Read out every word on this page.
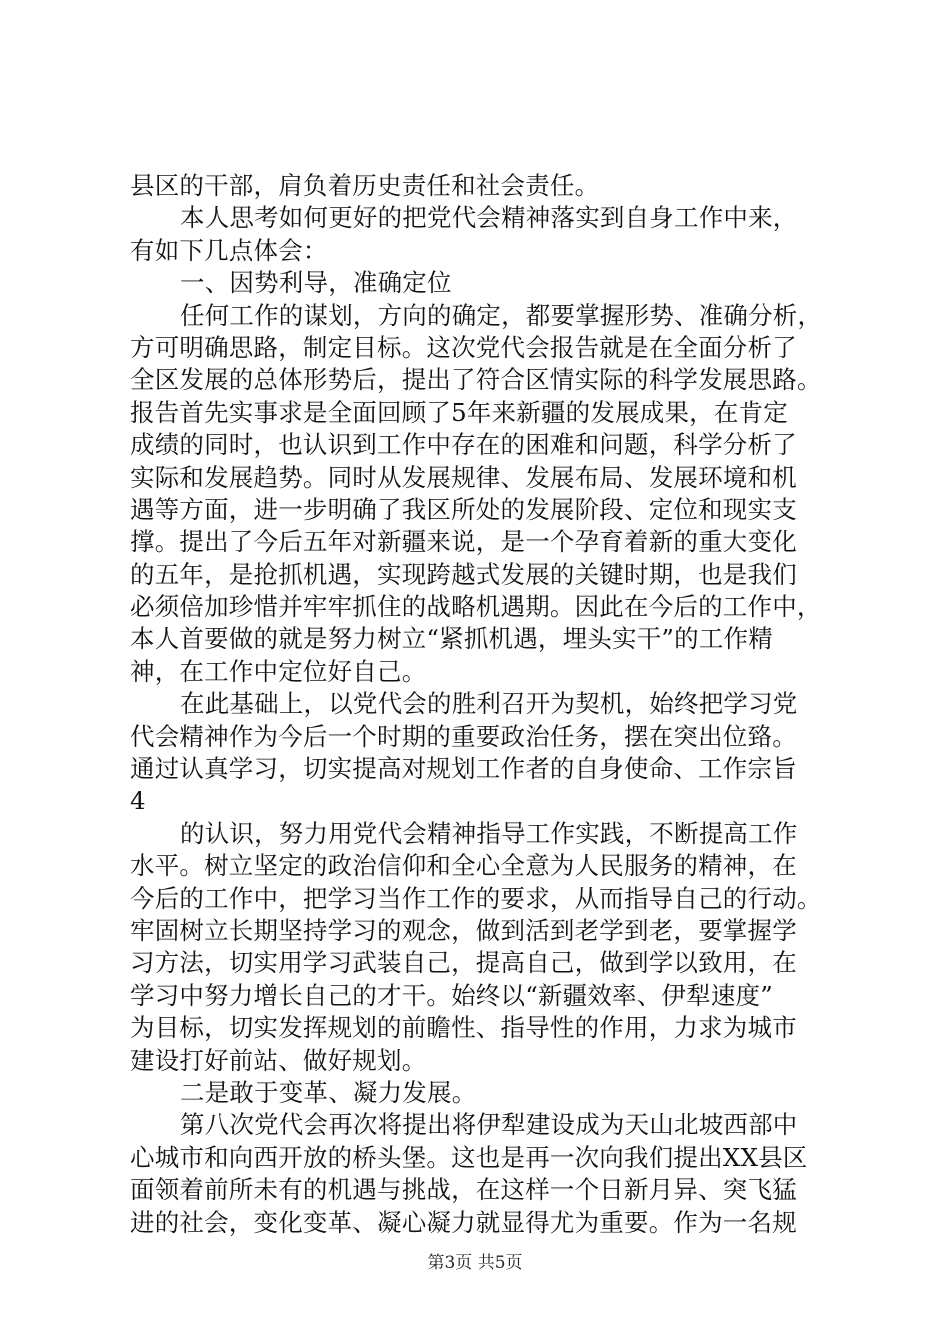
县区的干部，肩负着历史责任和社会责任。
本人思考如何更好的把党代会精神落实到自身工作中来，
有如下几点体会：
一、因势利导，准确定位
任何工作的谋划，方向的确定，都要掌握形势、准确分析，
方可明确思路，制定目标。这次党代会报告就是在全面分析了
全区发展的总体形势后，提出了符合区情实际的科学发展思路。
报告首先实事求是全面回顾了5年来新疆的发展成果，在肯定
成绩的同时，也认识到工作中存在的困难和问题，科学分析了
实际和发展趋势。同时从发展规律、发展布局、发展环境和机
遇等方面，进一步明确了我区所处的发展阶段、定位和现实支
撑。提出了今后五年对新疆来说，是一个孕育着新的重大变化
的五年，是抢抓机遇，实现跨越式发展的关键时期，也是我们
必须倍加珍惜并牢牢抓住的战略机遇期。因此在今后的工作中，
本人首要做的就是努力树立“紧抓机遇，埋头实干”的工作精
神，在工作中定位好自己。
在此基础上，以党代会的胜利召开为契机，始终把学习党
代会精神作为今后一个时期的重要政治任务，摆在突出位臵。
通过认真学习，切实提高对规划工作者的自身使命、工作宗旨
4
的认识，努力用党代会精神指导工作实践，不断提高工作
水平。树立坚定的政治信仰和全心全意为人民服务的精神，在
今后的工作中，把学习当作工作的要求，从而指导自己的行动。
牢固树立长期坚持学习的观念，做到活到老学到老，要掌握学
习方法，切实用学习武装自己，提高自己，做到学以致用，在
学习中努力增长自己的才干。始终以“新疆效率、伊犁速度”
为目标，切实发挥规划的前瞻性、指导性的作用，力求为城市
建设打好前站、做好规划。
二是敢于变革、凝力发展。
第八次党代会再次将提出将伊犁建设成为天山北坡西部中
心城市和向西开放的桥头堡。这也是再一次向我们提出XX县区
面领着前所未有的机遇与挑战，在这样一个日新月异、突飞猛
进的社会，变化变革、凝心凝力就显得尤为重要。作为一名规
第3页 共5页
